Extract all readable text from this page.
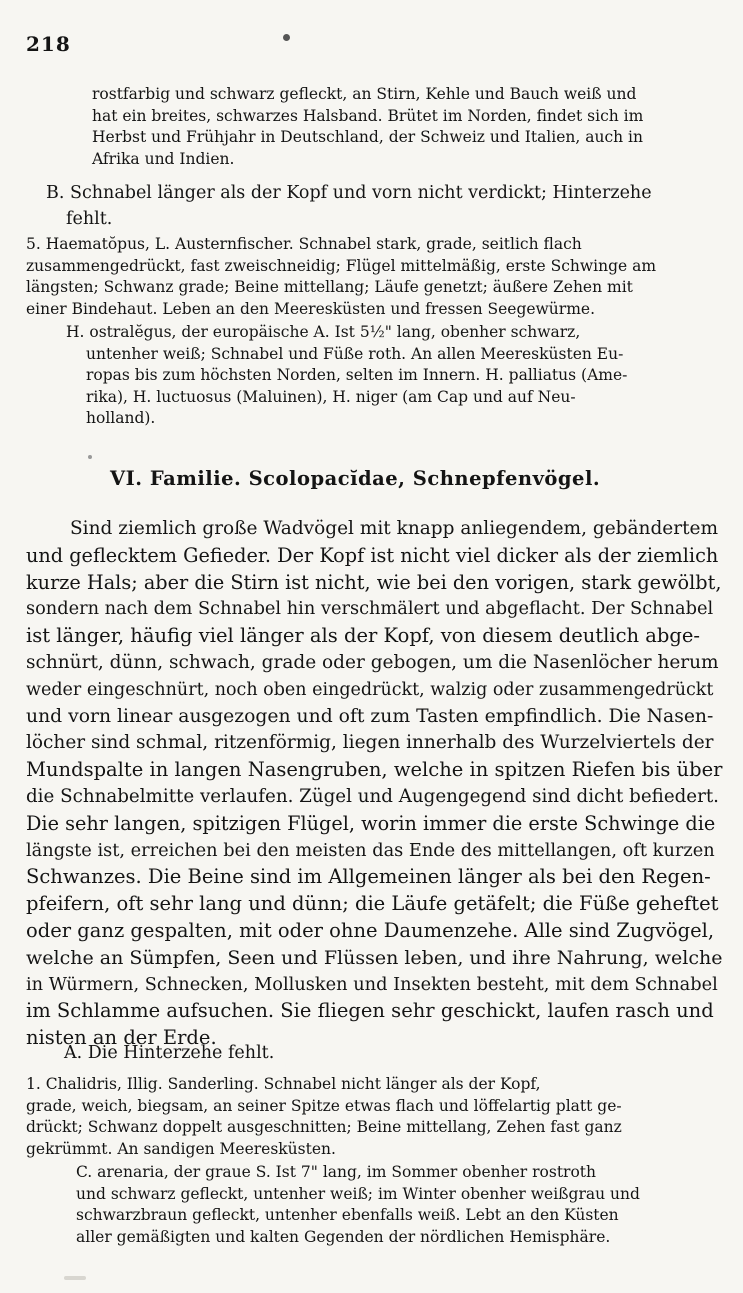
218
rostfarbig und schwarz gefleckt, an Stirn, Kehle und Bauch weiß und
hat ein breites, schwarzes Halsband. Brütet im Norden, findet sich im
Herbst und Frühjahr in Deutschland, der Schweiz und Italien, auch in
Afrika und Indien.
B. Schnabel länger als der Kopf und vorn nicht verdickt; Hinterzehe
fehlt.
5. Haematŏpus, L. Austernfischer. Schnabel stark, grade, seitlich flach
zusammengedrückt, fast zweischneidig; Flügel mittelmäßig, erste Schwinge am
längsten; Schwanz grade; Beine mittellang; Läufe genetzt; äußere Zehen mit
einer Bindehaut. Leben an den Meeresküsten und fressen Seegewürme.
H. ostralĕgus, der europäische A. Ist 5½" lang, obenher schwarz,
untenher weiß; Schnabel und Füße roth. An allen Meeresküsten Eu-
ropas bis zum höchsten Norden, selten im Innern. H. palliatus (Ame-
rika), H. luctuosus (Maluinen), H. niger (am Cap und auf Neu-
holland).
VI. Familie. Scolopacĭdae, Schnepfenvögel.
Sind ziemlich große Wadvögel mit knapp anliegendem, gebändertem
und geflecktem Gefieder. Der Kopf ist nicht viel dicker als der ziemlich
kurze Hals; aber die Stirn ist nicht, wie bei den vorigen, stark gewölbt,
sondern nach dem Schnabel hin verschmälert und abgeflacht. Der Schnabel
ist länger, häufig viel länger als der Kopf, von diesem deutlich abge-
schnürt, dünn, schwach, grade oder gebogen, um die Nasenlöcher herum
weder eingeschnürt, noch oben eingedrückt, walzig oder zusammengedrückt
und vorn linear ausgezogen und oft zum Tasten empfindlich. Die Nasen-
löcher sind schmal, ritzenförmig, liegen innerhalb des Wurzelviertels der
Mundspalte in langen Nasengruben, welche in spitzen Riefen bis über
die Schnabelmitte verlaufen. Zügel und Augengegend sind dicht befiedert.
Die sehr langen, spitzigen Flügel, worin immer die erste Schwinge die
längste ist, erreichen bei den meisten das Ende des mittellangen, oft kurzen
Schwanzes. Die Beine sind im Allgemeinen länger als bei den Regen-
pfeifern, oft sehr lang und dünn; die Läufe getäfelt; die Füße geheftet
oder ganz gespalten, mit oder ohne Daumenzehe. Alle sind Zugvögel,
welche an Sümpfen, Seen und Flüssen leben, und ihre Nahrung, welche
in Würmern, Schnecken, Mollusken und Insekten besteht, mit dem Schnabel
im Schlamme aufsuchen. Sie fliegen sehr geschickt, laufen rasch und
nisten an der Erde.
A. Die Hinterzehe fehlt.
1. Chalidris, Illig. Sanderling. Schnabel nicht länger als der Kopf,
grade, weich, biegsam, an seiner Spitze etwas flach und löffelartig platt ge-
drückt; Schwanz doppelt ausgeschnitten; Beine mittellang, Zehen fast ganz
gekrümmt. An sandigen Meeresküsten.
C. arenaria, der graue S. Ist 7" lang, im Sommer obenher rostroth
und schwarz gefleckt, untenher weiß; im Winter obenher weißgrau und
schwarzbraun gefleckt, untenher ebenfalls weiß. Lebt an den Küsten
aller gemäßigten und kalten Gegenden der nördlichen Hemisphäre.
